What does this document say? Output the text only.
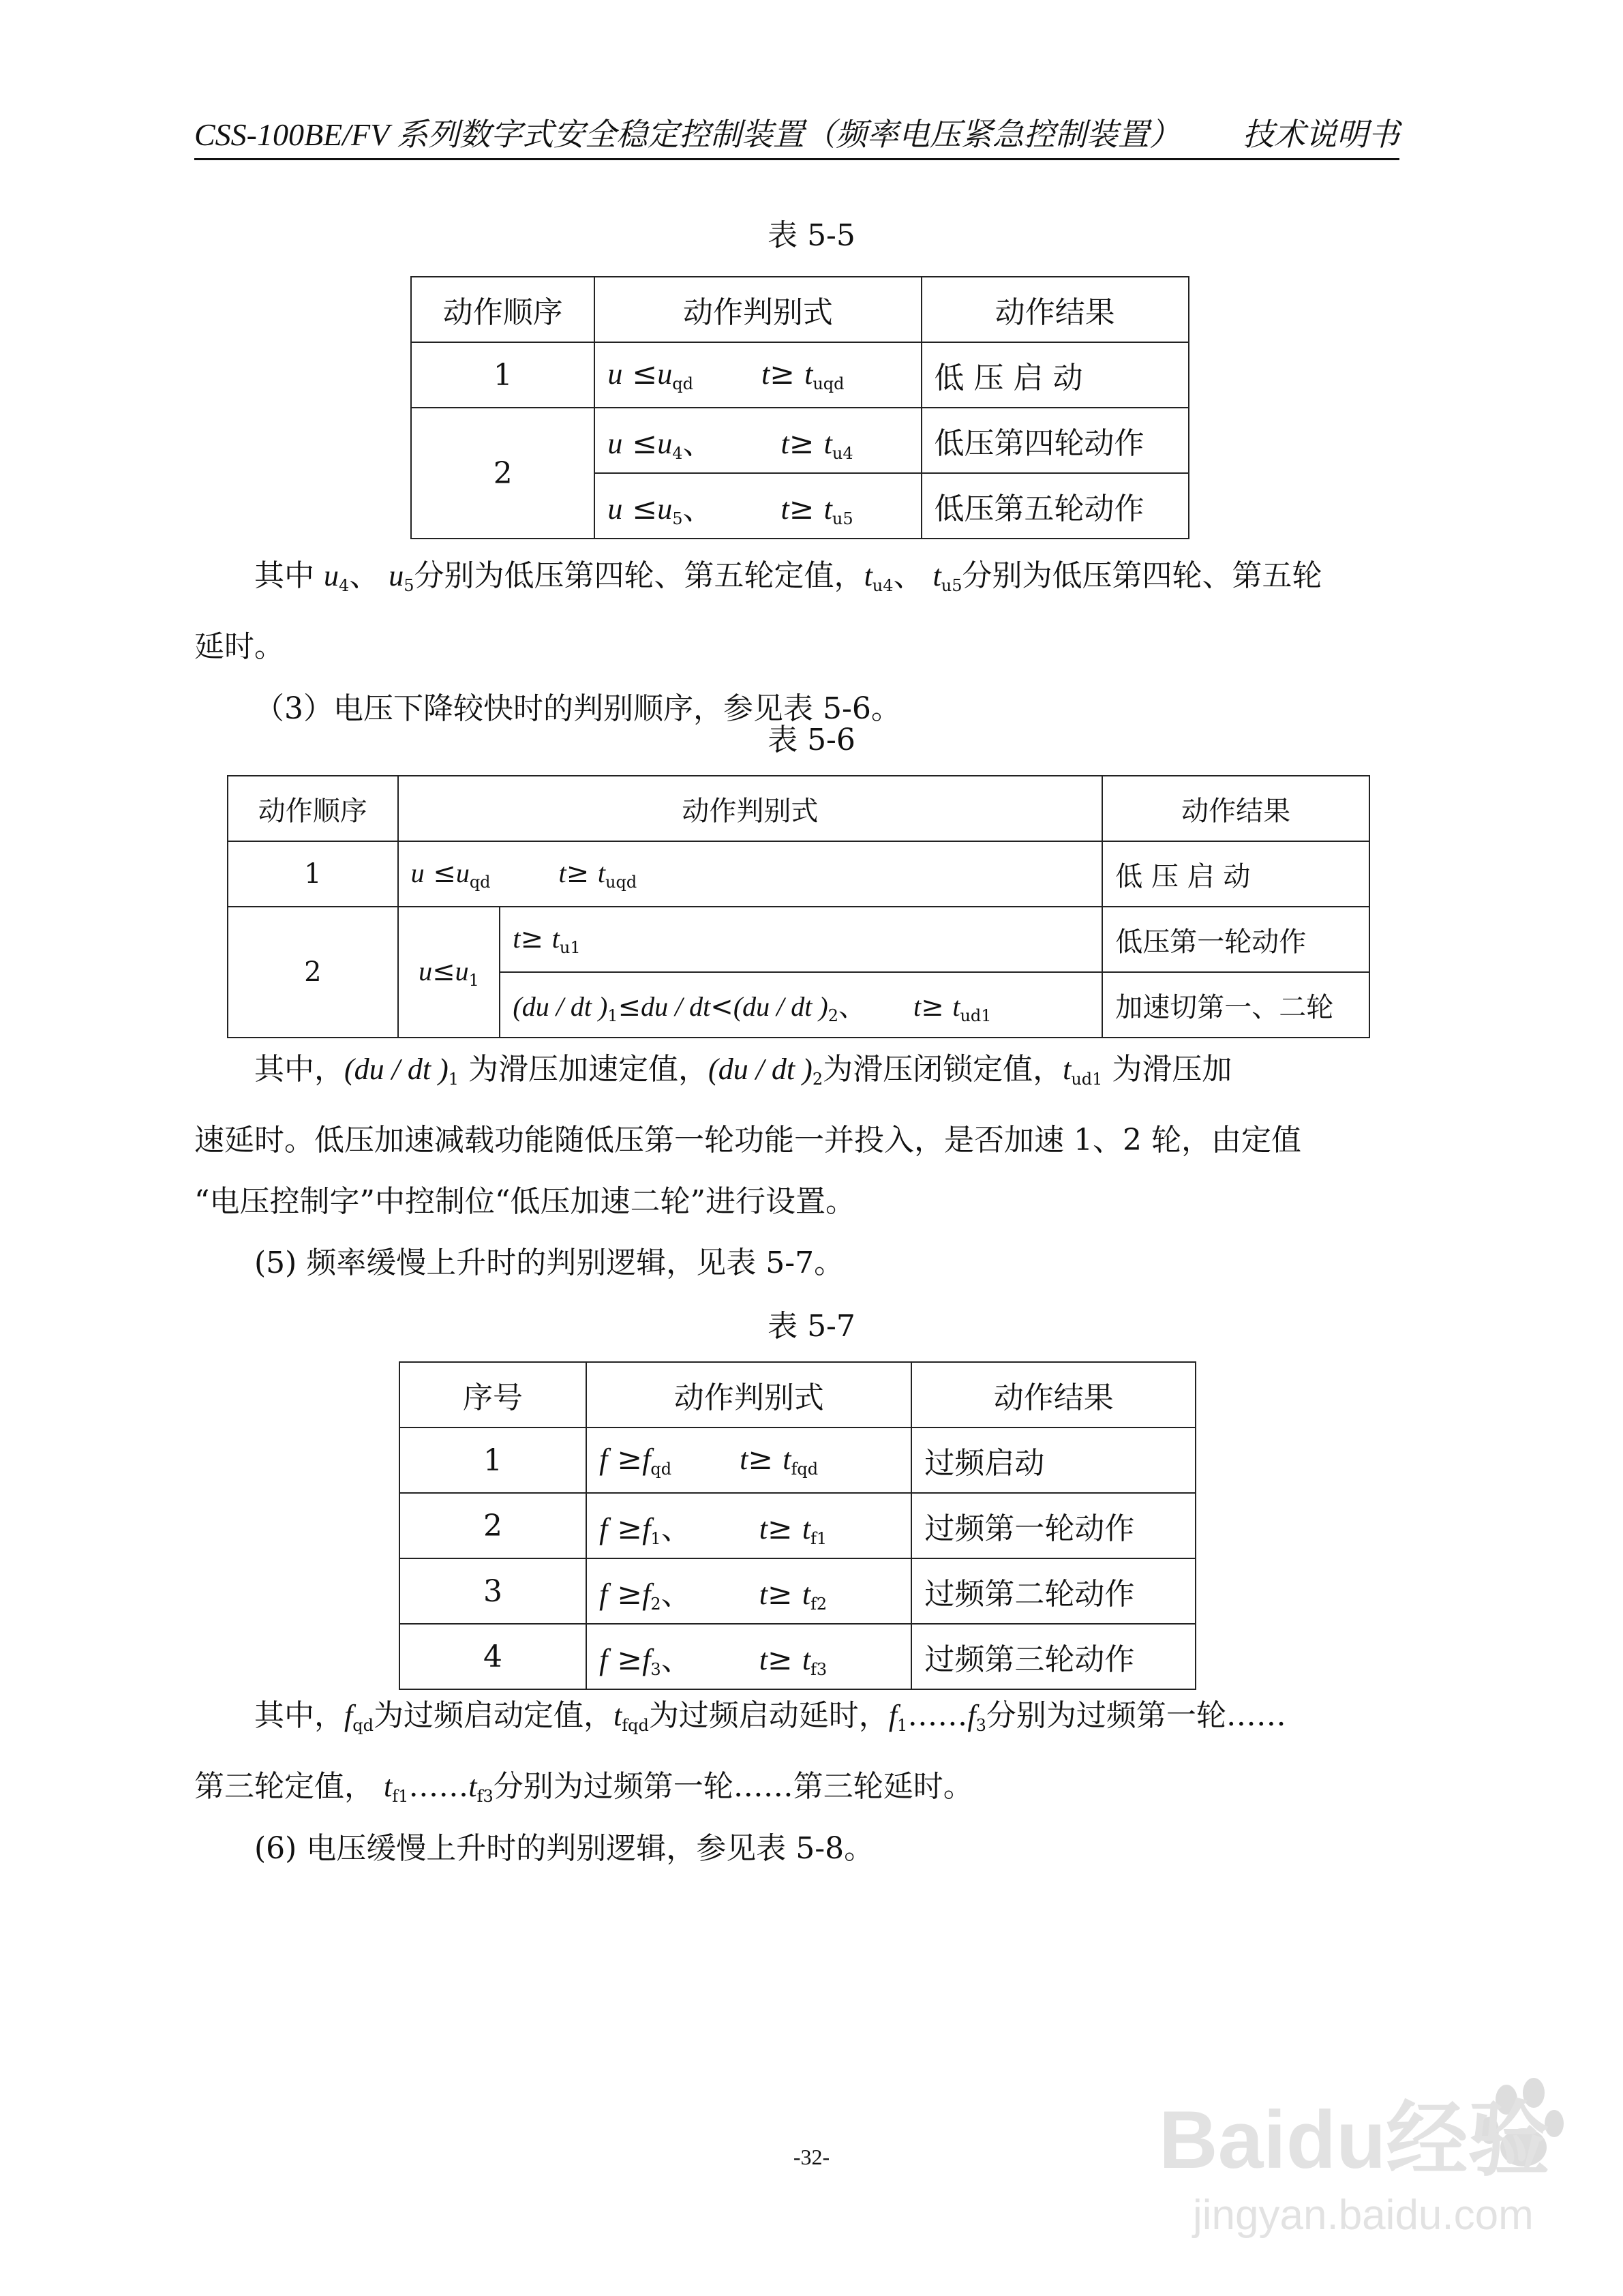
CSS-100BE/FV 系列数字式安全稳定控制装置（频率电压紧急控制装置） 技术说明书

表 5-5
动作顺序	动作判别式	动作结果
1	$u \le u_{qd}$ $t\ge t_{uqd}$	低 压 启 动
2	$u \le u_4$、 $t\ge t_{u4}$	低压第四轮动作
	$u \le u_5$、 $t\ge t_{u5}$	低压第五轮动作

其中 $u_4$、 $u_5$分别为低压第四轮、第五轮定值，$t_{u4}$、 $t_{u5}$分别为低压第四轮、第五轮
延时。

（3）电压下降较快时的判别顺序，参见表 5-6。

表 5-6
动作顺序	动作判别式		动作结果
1	$u \le u_{qd}$ $t\ge t_{uqd}$		低 压 启 动
2	$u\le u_1$	$t\ge t_{u1}$	低压第一轮动作
		(du / dt )$_1\le du / dt<(du$ / dt )$_2$、 $t\ge t_{ud1}$	加速切第一、二轮

其中，(du / dt )$_1$ 为滑压加速定值，(du / dt )$_2$为滑压闭锁定值，$t_{ud1}$ 为滑压加
速延时。低压加速减载功能随低压第一轮功能一并投入，是否加速 1、2 轮，由定值
“电压控制字”中控制位“低压加速二轮”进行设置。

(5) 频率缓慢上升时的判别逻辑，见表 5-7。

表 5-7
序号	动作判别式	动作结果
1	$f \ge f_{qd}$ $t\ge t_{fqd}$	过频启动
2	$f \ge f_1$、 $t\ge t_{f1}$	过频第一轮动作
3	$f \ge f_2$、 $t\ge t_{f2}$	过频第二轮动作
4	$f \ge f_3$、 $t\ge t_{f3}$	过频第三轮动作

其中，$f_{qd}$为过频启动定值，$t_{fqd}$为过频启动延时，$f_1\dots\dots f_3$分别为过频第一轮……
第三轮定值， $t_{f1}\dots\dots t_{f3}$分别为过频第一轮……第三轮延时。

(6) 电压缓慢上升时的判别逻辑，参见表 5-8。

-32-	Baidu经验
jingyan.baidu.com
